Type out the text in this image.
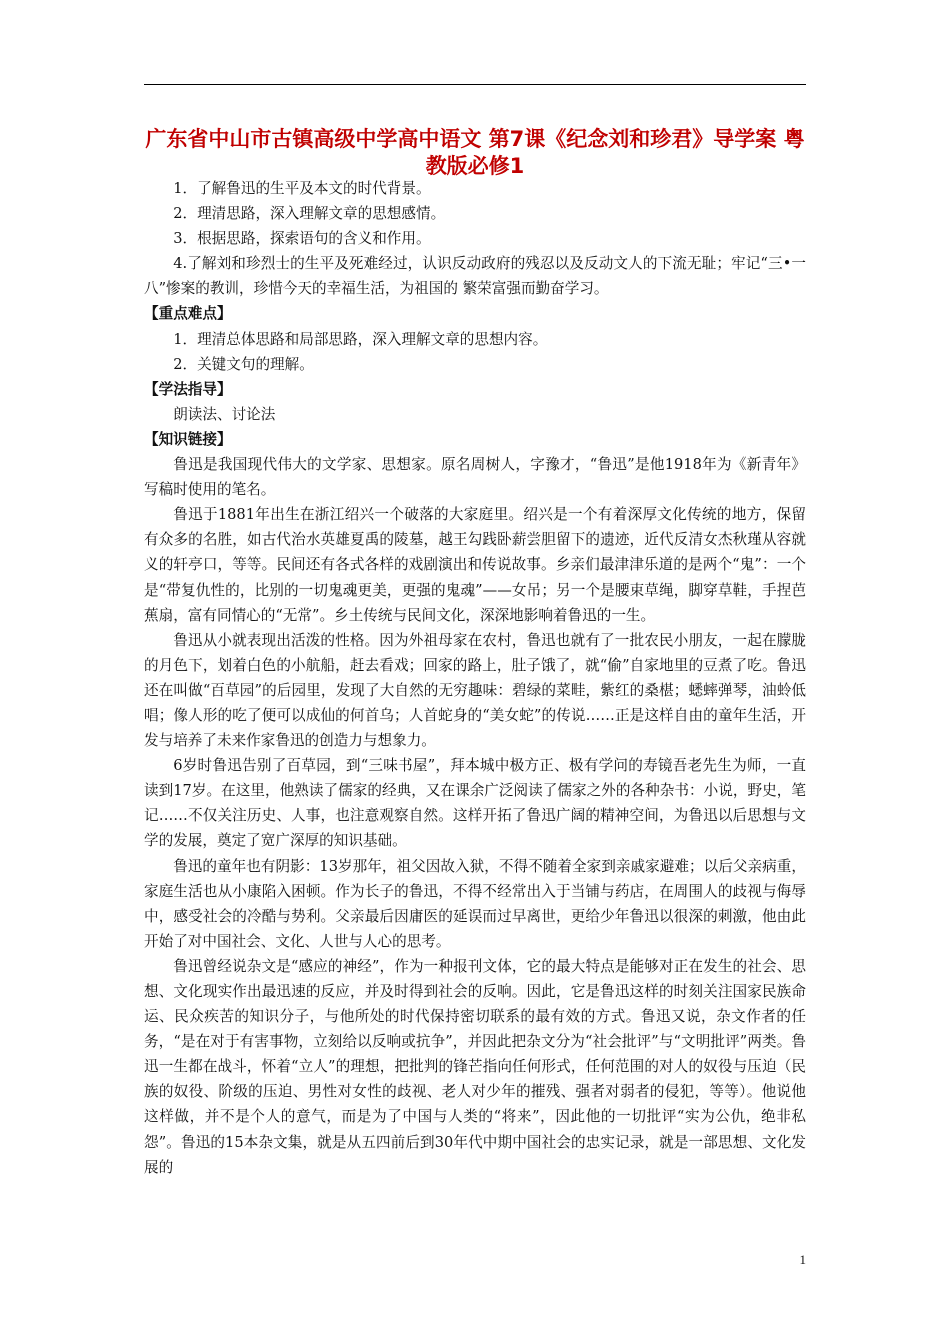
广东省中山市古镇高级中学高中语文 第7课《纪念刘和珍君》导学案 粤教版必修1

1．了解鲁迅的生平及本文的时代背景。

2．理清思路，深入理解文章的思想感情。

3．根据思路，探索语句的含义和作用。

4.了解刘和珍烈士的生平及死难经过，认识反动政府的残忍以及反动文人的下流无耻；牢记“三•一 八”惨案的教训，珍惜今天的幸福生活，为祖国的 繁荣富强而勤奋学习。

【重点难点】

1．理清总体思路和局部思路，深入理解文章的思想内容。

2．关键文句的理解。

【学法指导】

朗读法、讨论法

【知识链接】

鲁迅是我国现代伟大的文学家、思想家。原名周树人，字豫才，“鲁迅”是他1918年为《新青年》写稿时使用的笔名。

鲁迅于1881年出生在浙江绍兴一个破落的大家庭里。绍兴是一个有着深厚文化传统的地方，保留有众多的名胜，如古代治水英雄夏禹的陵墓，越王勾践卧薪尝胆留下的遗迹，近代反清女杰秋瑾从容就义的轩亭口，等等。民间还有各式各样的戏剧演出和传说故事。乡亲们最津津乐道的是两个“鬼”：一个是“带复仇性的，比别的一切鬼魂更美，更强的鬼魂”——女吊；另一个是腰束草绳，脚穿草鞋，手捏芭蕉扇，富有同情心的“无常”。乡土传统与民间文化，深深地影响着鲁迅的一生。

鲁迅从小就表现出活泼的性格。因为外祖母家在农村，鲁迅也就有了一批农民小朋友，一起在朦胧的月色下，划着白色的小航船，赶去看戏；回家的路上，肚子饿了，就“偷”自家地里的豆煮了吃。鲁迅还在叫做“百草园”的后园里，发现了大自然的无穷趣味：碧绿的菜畦，紫红的桑椹；蟋蟀弹琴，油蛉低唱；像人形的吃了便可以成仙的何首乌；人首蛇身的“美女蛇”的传说……正是这样自由的童年生活，开发与培养了未来作家鲁迅的创造力与想象力。

6岁时鲁迅告别了百草园，到“三味书屋”，拜本城中极方正、极有学问的寿镜吾老先生为师，一直读到17岁。在这里，他熟读了儒家的经典，又在课余广泛阅读了儒家之外的各种杂书：小说，野史，笔记……不仅关注历史、人事，也注意观察自然。这样开拓了鲁迅广阔的精神空间，为鲁迅以后思想与文学的发展，奠定了宽广深厚的知识基础。

鲁迅的童年也有阴影：13岁那年，祖父因故入狱，不得不随着全家到亲戚家避难；以后父亲病重，家庭生活也从小康陷入困顿。作为长子的鲁迅，不得不经常出入于当铺与药店，在周围人的歧视与侮辱中，感受社会的冷酷与势利。父亲最后因庸医的延误而过早离世，更给少年鲁迅以很深的刺激，他由此开始了对中国社会、文化、人世与人心的思考。

鲁迅曾经说杂文是“感应的神经”，作为一种报刊文体，它的最大特点是能够对正在发生的社会、思想、文化现实作出最迅速的反应，并及时得到社会的反响。因此，它是鲁迅这样的时刻关注国家民族命运、民众疾苦的知识分子，与他所处的时代保持密切联系的最有效的方式。鲁迅又说，杂文作者的任务，“是在对于有害事物，立刻给以反响或抗争”，并因此把杂文分为“社会批评”与“文明批评”两类。鲁迅一生都在战斗，怀着“立人”的理想，把批判的锋芒指向任何形式，任何范围的对人的奴役与压迫（民族的奴役、阶级的压迫、男性对女性的歧视、老人对少年的摧残、强者对弱者的侵犯，等等）。他说他这样做，并不是个人的意气，而是为了中国与人类的“将来”，因此他的一切批评“实为公仇，绝非私怨”。鲁迅的15本杂文集，就是从五四前后到30年代中期中国社会的忠实记录，就是一部思想、文化发展的

1
